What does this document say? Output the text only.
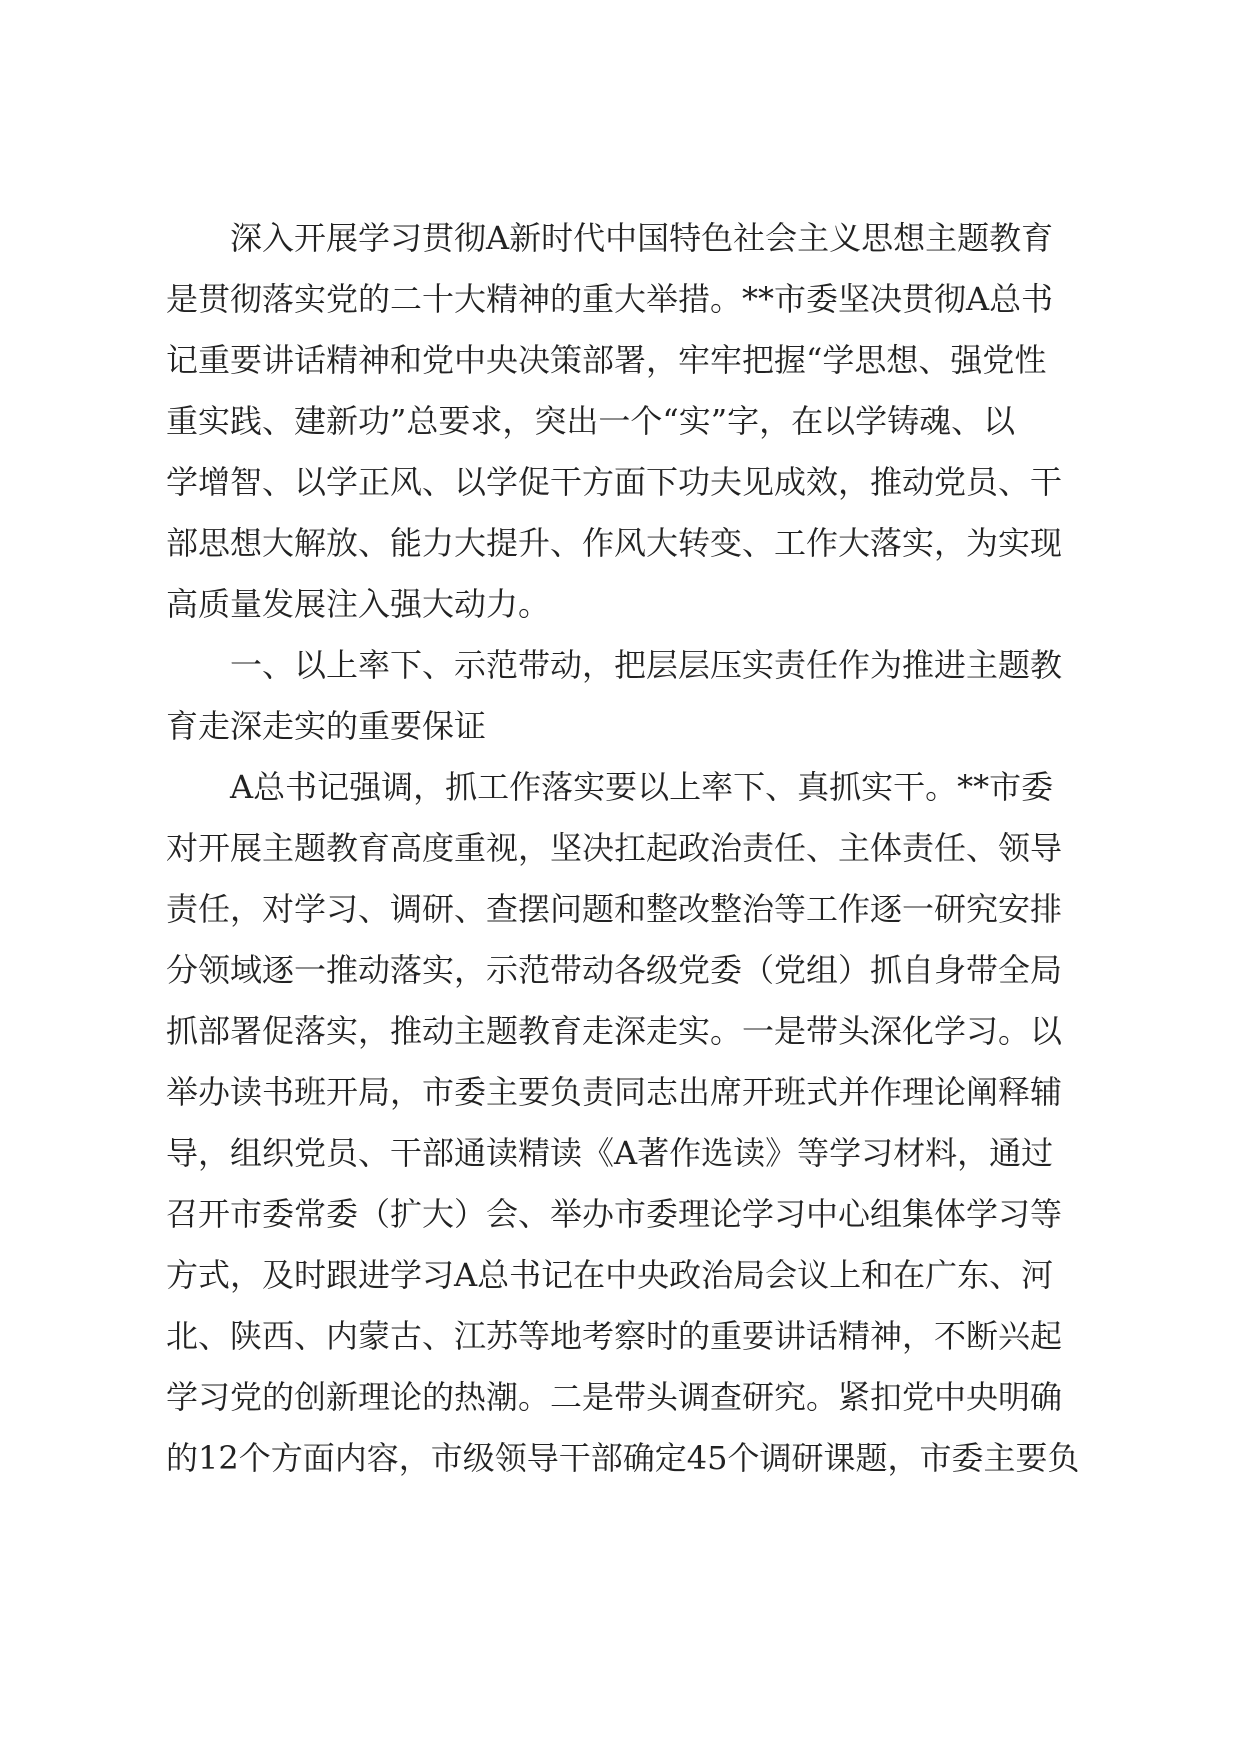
深入开展学习贯彻A新时代中国特色社会主义思想主题教育
是贯彻落实党的二十大精神的重大举措。**市委坚决贯彻A总书
记重要讲话精神和党中央决策部署，牢牢把握“学思想、强党性
重实践、建新功”总要求，突出一个“实”字，在以学铸魂、以
学增智、以学正风、以学促干方面下功夫见成效，推动党员、干
部思想大解放、能力大提升、作风大转变、工作大落实，为实现
高质量发展注入强大动力。

一、以上率下、示范带动，把层层压实责任作为推进主题教
育走深走实的重要保证

A总书记强调，抓工作落实要以上率下、真抓实干。**市委
对开展主题教育高度重视，坚决扛起政治责任、主体责任、领导
责任，对学习、调研、查摆问题和整改整治等工作逐一研究安排
分领域逐一推动落实，示范带动各级党委（党组）抓自身带全局
抓部署促落实，推动主题教育走深走实。一是带头深化学习。以
举办读书班开局，市委主要负责同志出席开班式并作理论阐释辅
导，组织党员、干部通读精读《A著作选读》等学习材料，通过
召开市委常委（扩大）会、举办市委理论学习中心组集体学习等
方式，及时跟进学习A总书记在中央政治局会议上和在广东、河
北、陕西、内蒙古、江苏等地考察时的重要讲话精神，不断兴起
学习党的创新理论的热潮。二是带头调查研究。紧扣党中央明确
的12个方面内容，市级领导干部确定45个调研课题，市委主要负
